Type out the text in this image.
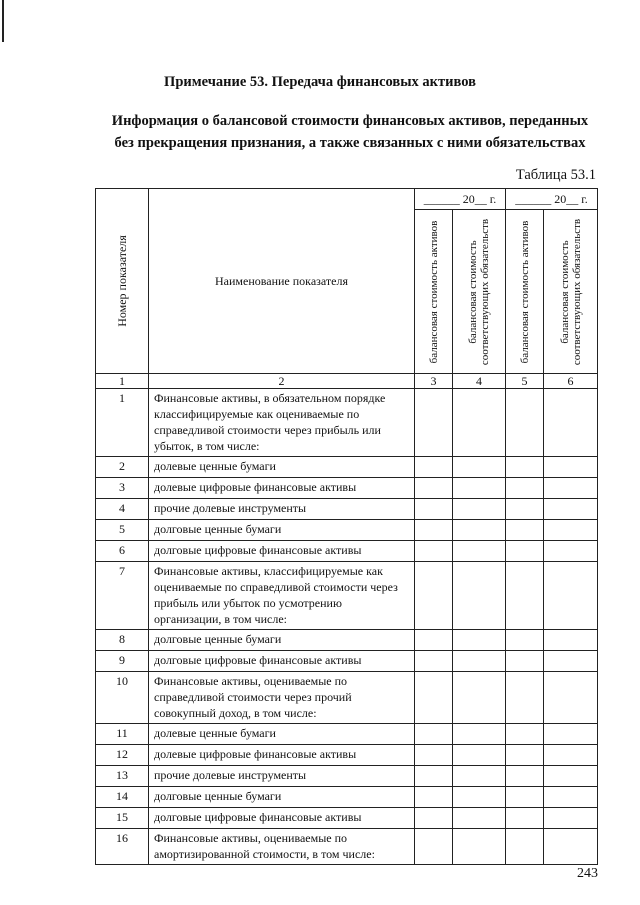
Примечание 53. Передача финансовых активов
Информация о балансовой стоимости финансовых активов, переданных
без прекращения признания, а также связанных с ними обязательствах
Таблица 53.1
Номер показателя	Наименование показателя	______ 20__ г.		______ 20__ г.	

		балансовая стоимость активов	балансовая стоимость соответствующих обязательств	балансовая стоимость активов	балансовая стоимость соответствующих обязательств

1	2	3	4	5	6
1	Финансовые активы, в обязательном порядке классифицируемые как оцениваемые по справедливой стоимости через прибыль или убыток, в том числе:				
2	долевые ценные бумаги				
3	долевые цифровые финансовые активы				
4	прочие долевые инструменты				
5	долговые ценные бумаги				
6	долговые цифровые финансовые активы				
7	Финансовые активы, классифицируемые как оцениваемые по справедливой стоимости через прибыль или убыток по усмотрению организации, в том числе:				
8	долговые ценные бумаги				
9	долговые цифровые финансовые активы				
10	Финансовые активы, оцениваемые по справедливой стоимости через прочий совокупный доход, в том числе:				
11	долевые ценные бумаги				
12	долевые цифровые финансовые активы				
13	прочие долевые инструменты				
14	долговые ценные бумаги				
15	долговые цифровые финансовые активы				
16	Финансовые активы, оцениваемые по амортизированной стоимости, в том числе:				
243
